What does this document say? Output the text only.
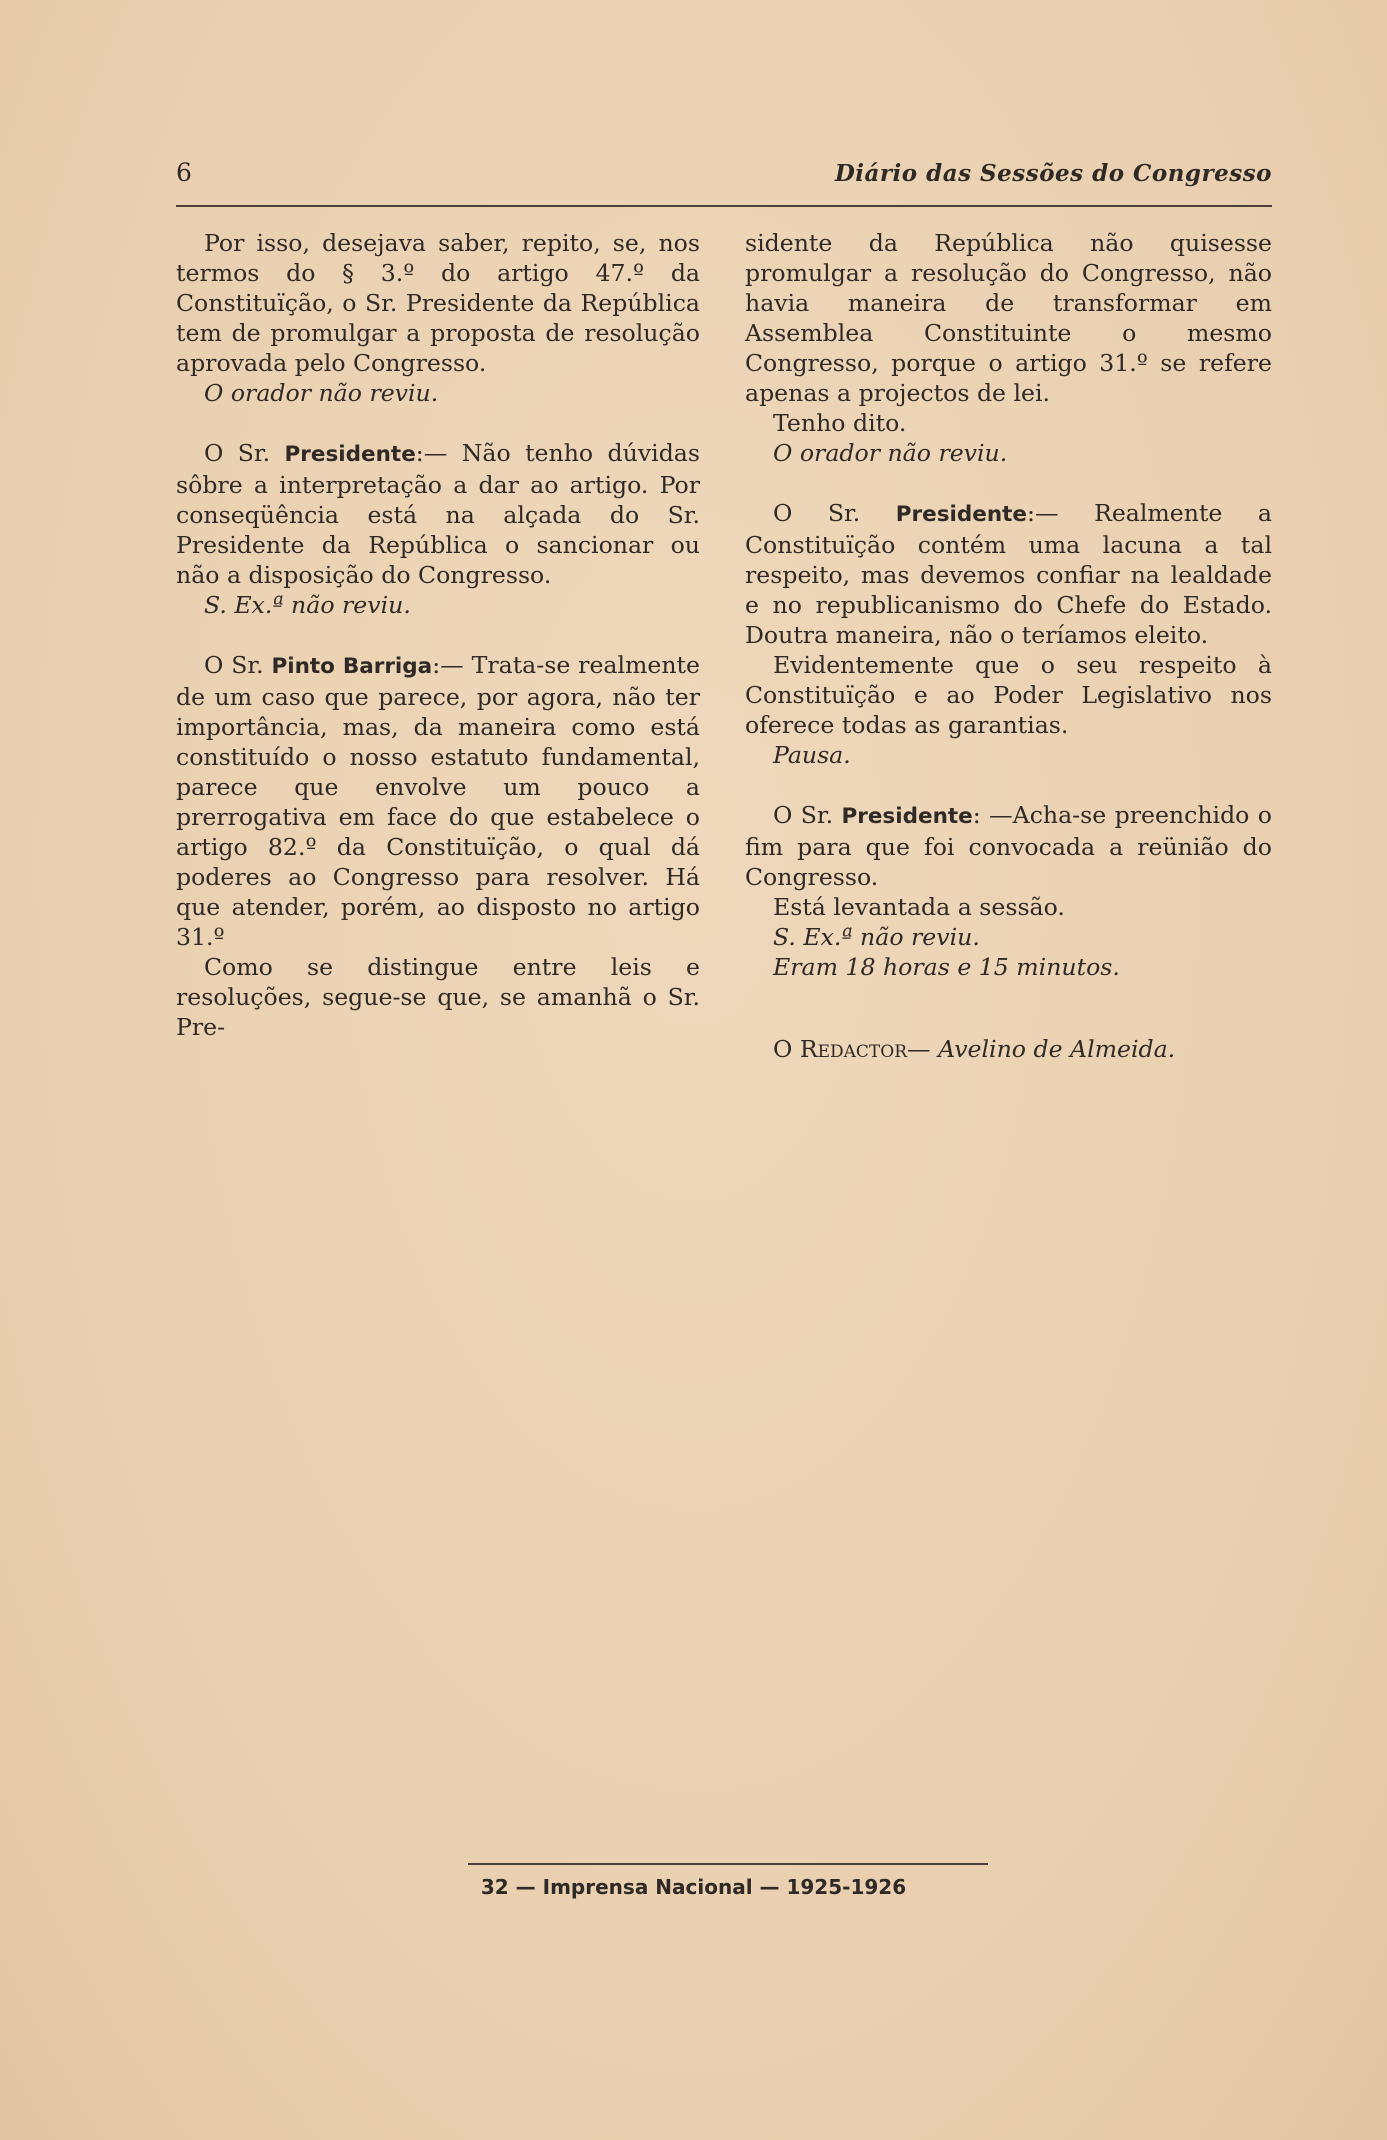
6	Diário das Sessões do Congresso

Por isso, desejava saber, repito, se, nos termos do § 3.º do artigo 47.º da Constituïção, o Sr. Presidente da República tem de promulgar a proposta de resolução aprovada pelo Congresso.

O orador não reviu.

O Sr. Presidente:— Não tenho dúvidas sôbre a interpretação a dar ao artigo. Por conseqüência está na alçada do Sr. Presidente da República o sancionar ou não a disposição do Congresso.

S. Ex.ª não reviu.

O Sr. Pinto Barriga:— Trata-se realmente de um caso que parece, por agora, não ter importância, mas, da maneira como está constituído o nosso estatuto fundamental, parece que envolve um pouco a prerrogativa em face do que estabelece o artigo 82.º da Constituïção, o qual dá poderes ao Congresso para resolver. Há que atender, porém, ao disposto no artigo 31.º

Como se distingue entre leis e resoluções, segue-se que, se amanhã o Sr. Pre-

sidente da República não quisesse promulgar a resolução do Congresso, não havia maneira de transformar em Assemblea Constituinte o mesmo Congresso, porque o artigo 31.º se refere apenas a projectos de lei.

Tenho dito.

O orador não reviu.

O Sr. Presidente:— Realmente a Constituïção contém uma lacuna a tal respeito, mas devemos confiar na lealdade e no republicanismo do Chefe do Estado. Doutra maneira, não o teríamos eleito.

Evidentemente que o seu respeito à Constituïção e ao Poder Legislativo nos oferece todas as garantias.

Pausa.

O Sr. Presidente: —Acha-se preenchido o fim para que foi convocada a reünião do Congresso.

Está levantada a sessão.

S. Ex.ª não reviu.

Eram 18 horas e 15 minutos.

O Redactor— Avelino de Almeida.

32 — Imprensa Nacional — 1925-1926
